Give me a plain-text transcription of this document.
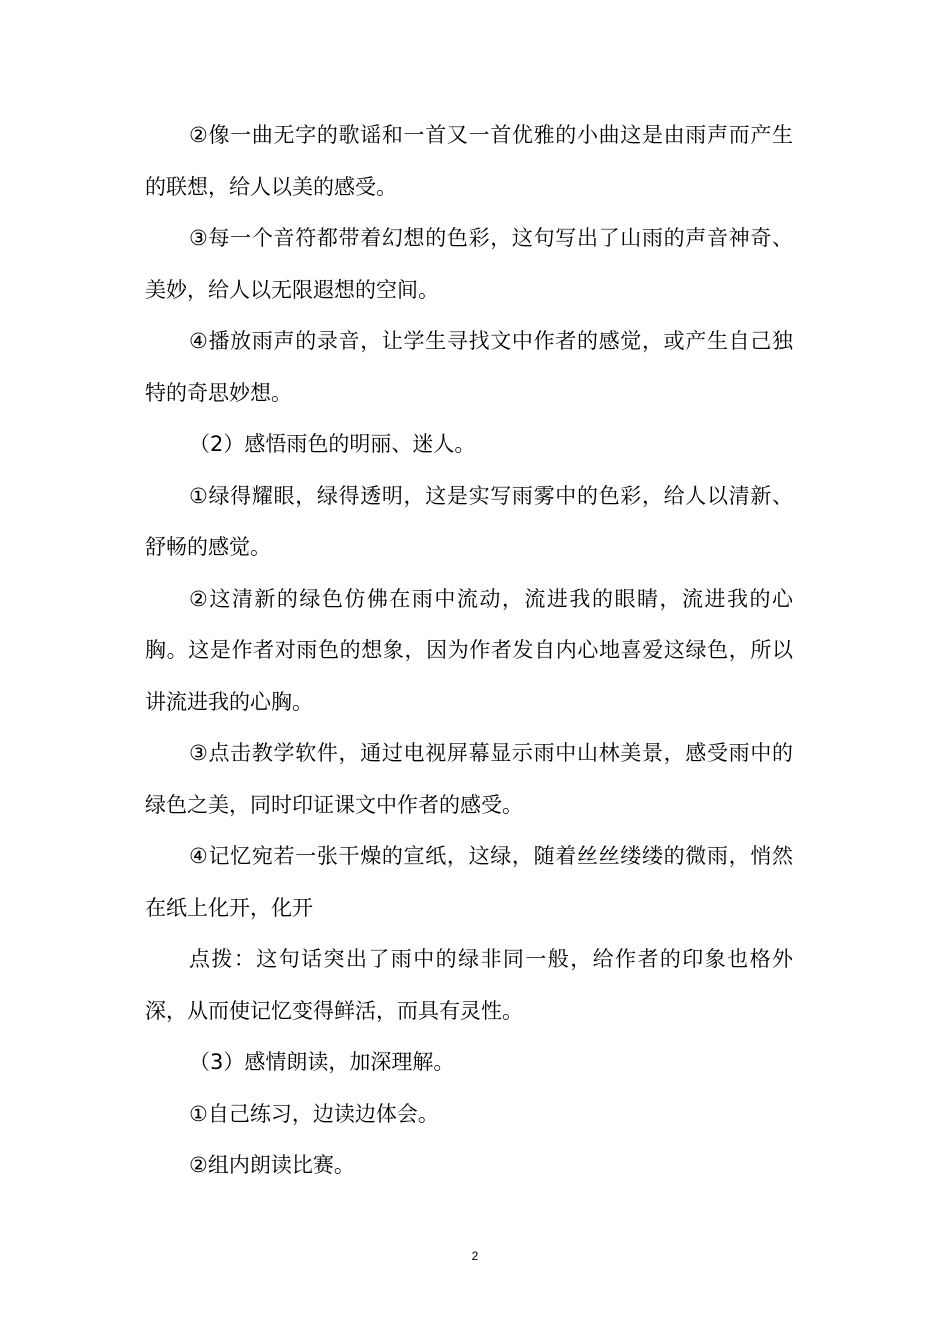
②像一曲无字的歌谣和一首又一首优雅的小曲这是由雨声而产生的联想，给人以美的感受。

③每一个音符都带着幻想的色彩，这句写出了山雨的声音神奇、美妙，给人以无限遐想的空间。

④播放雨声的录音，让学生寻找文中作者的感觉，或产生自己独特的奇思妙想。

（2）感悟雨色的明丽、迷人。

①绿得耀眼，绿得透明，这是实写雨雾中的色彩，给人以清新、舒畅的感觉。

②这清新的绿色仿佛在雨中流动，流进我的眼睛，流进我的心胸。这是作者对雨色的想象，因为作者发自内心地喜爱这绿色，所以讲流进我的心胸。

③点击教学软件，通过电视屏幕显示雨中山林美景，感受雨中的绿色之美，同时印证课文中作者的感受。

④记忆宛若一张干燥的宣纸，这绿，随着丝丝缕缕的微雨，悄然在纸上化开，化开

点拨：这句话突出了雨中的绿非同一般，给作者的印象也格外深，从而使记忆变得鲜活，而具有灵性。

（3）感情朗读，加深理解。

①自己练习，边读边体会。

②组内朗读比赛。

2
